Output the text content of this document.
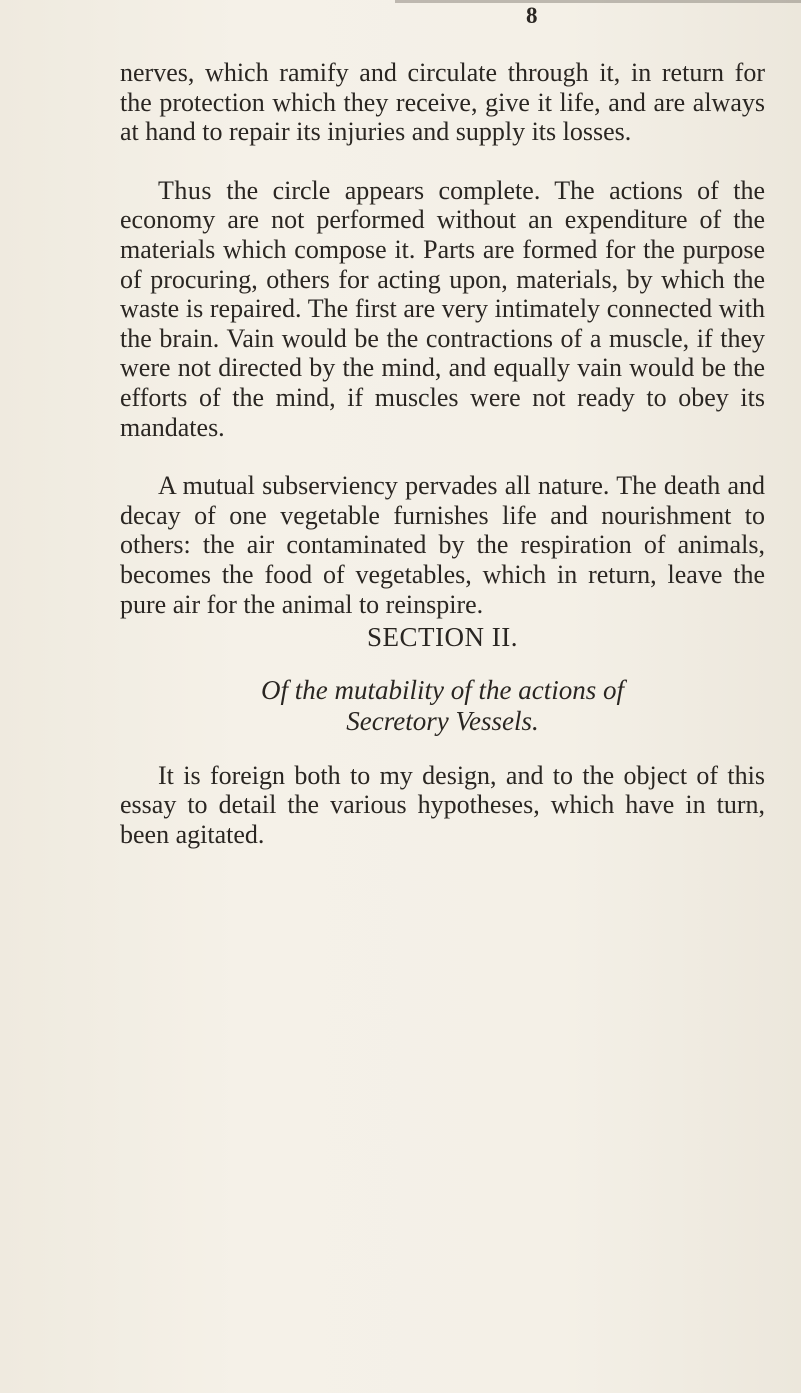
8

nerves, which ramify and circulate through it, in return for the protection which they receive, give it life, and are always at hand to repair its injuries and supply its losses.

Thus the circle appears complete. The actions of the economy are not performed without an expenditure of the materials which compose it. Parts are formed for the purpose of procuring, others for acting upon, materials, by which the waste is repaired. The first are very intimately connected with the brain. Vain would be the contractions of a muscle, if they were not directed by the mind, and equally vain would be the efforts of the mind, if muscles were not ready to obey its mandates.

A mutual subserviency pervades all nature. The death and decay of one vegetable furnishes life and nourishment to others: the air contaminated by the respiration of animals, becomes the food of vegetables, which in return, leave the pure air for the animal to reinspire.

SECTION II.
Of the mutability of the actions of
Secretory Vessels.

It is foreign both to my design, and to the object of this essay to detail the various hypotheses, which have in turn, been agitated.
